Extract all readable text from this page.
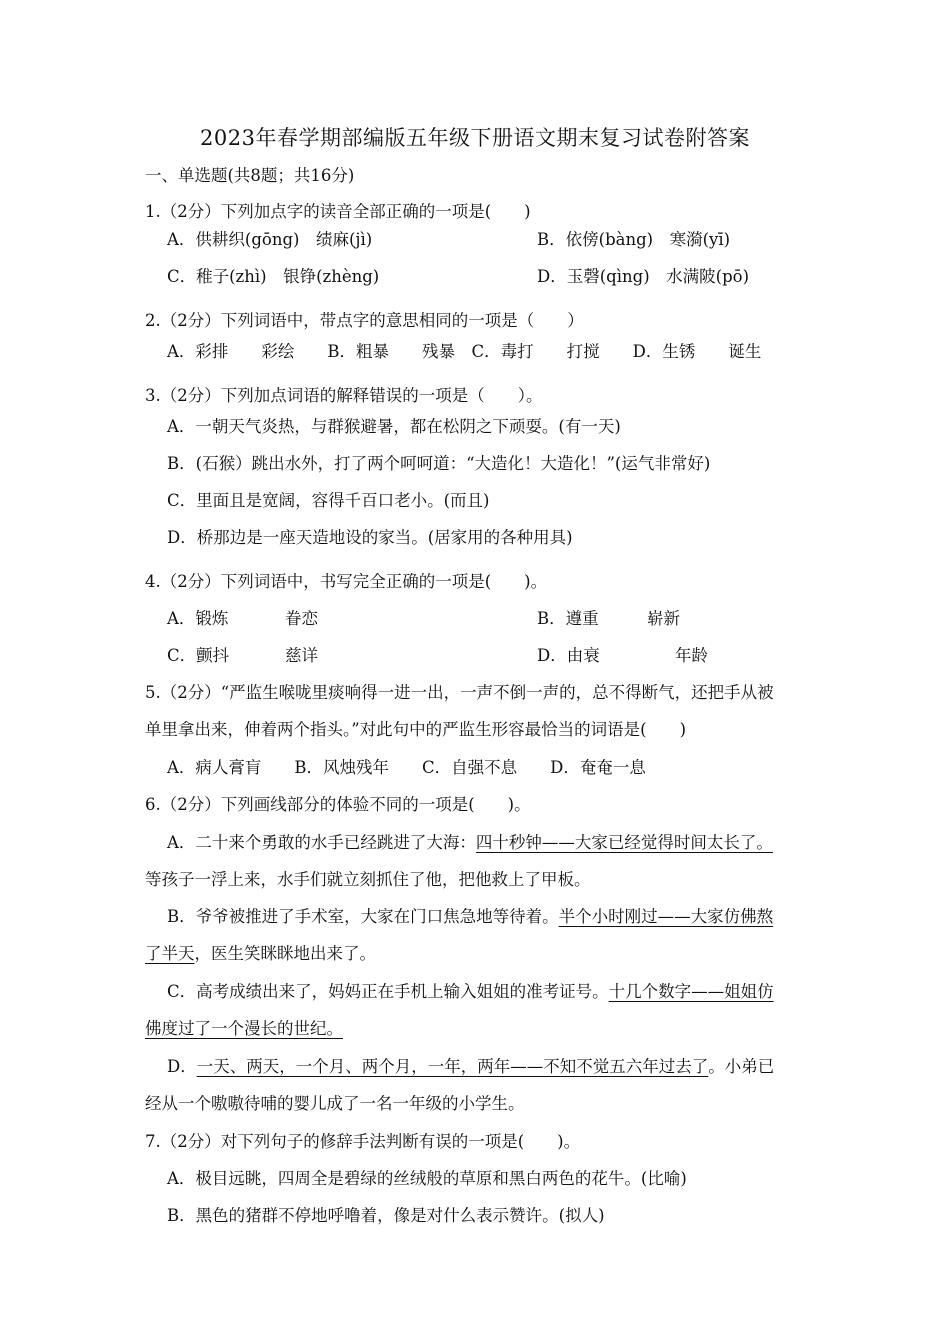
2023年春学期部编版五年级下册语文期末复习试卷附答案
一、单选题(共8题；共16分)
1.（2分）下列加点字的读音全部正确的一项是(　　)
A．供耕织(gōng)　绩麻(jì)	B．依傍(bàng)　寒漪(yī)
C．稚子(zhì)　银铮(zhèng)	D．玉磬(qìng)　水满陂(pō)
2.（2分）下列词语中，带点字的意思相同的一项是（　　）
A．彩排　　彩绘　　B．粗暴　　残暴　C．毒打　　打搅　　D．生锈　　诞生
3.（2分）下列加点词语的解释错误的一项是（　　）。
A．一朝天气炎热，与群猴避暑，都在松阴之下顽耍。(有一天)
B．(石猴）跳出水外，打了两个呵呵道：“大造化！大造化！”(运气非常好)
C．里面且是宽阔，容得千百口老小。(而且)
D．桥那边是一座天造地设的家当。(居家用的各种用具)
4.（2分）下列词语中，书写完全正确的一项是(　　)。
A．锻炼	眷恋	B．遵重	崭新
C．颤抖	慈详	D．由衰	年龄
5.（2分）“严监生喉咙里痰响得一进一出，一声不倒一声的，总不得断气，还把手从被
单里拿出来，伸着两个指头。”对此句中的严监生形容最恰当的词语是(　　)
A．病人膏肓　　B．风烛残年　　C．自强不息　　D．奄奄一息
6.（2分）下列画线部分的体验不同的一项是(　　)。
A．二十来个勇敢的水手已经跳进了大海：四十秒钟——大家已经觉得时间太长了。
等孩子一浮上来，水手们就立刻抓住了他，把他救上了甲板。
B．爷爷被推进了手术室，大家在门口焦急地等待着。半个小时刚过——大家仿佛熬
了半天，医生笑眯眯地出来了。
C．高考成绩出来了，妈妈正在手机上输入姐姐的准考证号。十几个数字——姐姐仿
佛度过了一个漫长的世纪。
D．一天、两天，一个月、两个月，一年，两年——不知不觉五六年过去了。小弟已
经从一个嗷嗷待哺的婴儿成了一名一年级的小学生。
7.（2分）对下列句子的修辞手法判断有误的一项是(　　)。
A．极目远眺，四周全是碧绿的丝绒般的草原和黑白两色的花牛。(比喻)
B．黑色的猪群不停地呼噜着，像是对什么表示赞许。(拟人)
